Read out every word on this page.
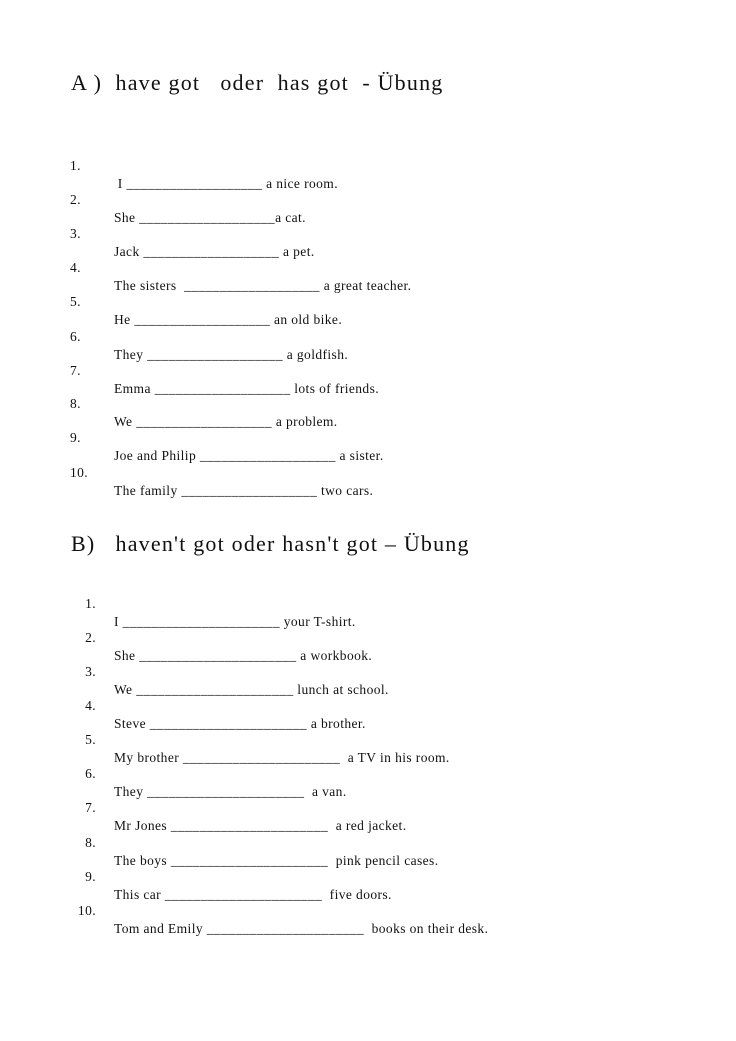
A )  have got   oder  has got  - Übung

1.

I ___________________ a nice room.

2.

She ___________________a cat.

3.

Jack ___________________ a pet.

4.

The sisters  ___________________ a great teacher.

5.

He ___________________ an old bike.

6.

They ___________________ a goldfish.

7.

Emma ___________________ lots of friends.

8.

We ___________________ a problem.

9.

Joe and Philip ___________________ a sister.

10.

The family ___________________ two cars.

B)   haven't got oder hasn't got – Übung

1.

I ______________________ your T-shirt.

2.

She ______________________ a workbook.

3.

We ______________________ lunch at school.

4.

Steve ______________________ a brother.

5.

My brother ______________________  a TV in his room.

6.

They ______________________  a van.

7.

Mr Jones ______________________  a red jacket.

8.

The boys ______________________  pink pencil cases.

9.

This car ______________________  five doors.

10.

Tom and Emily ______________________  books on their desk.
